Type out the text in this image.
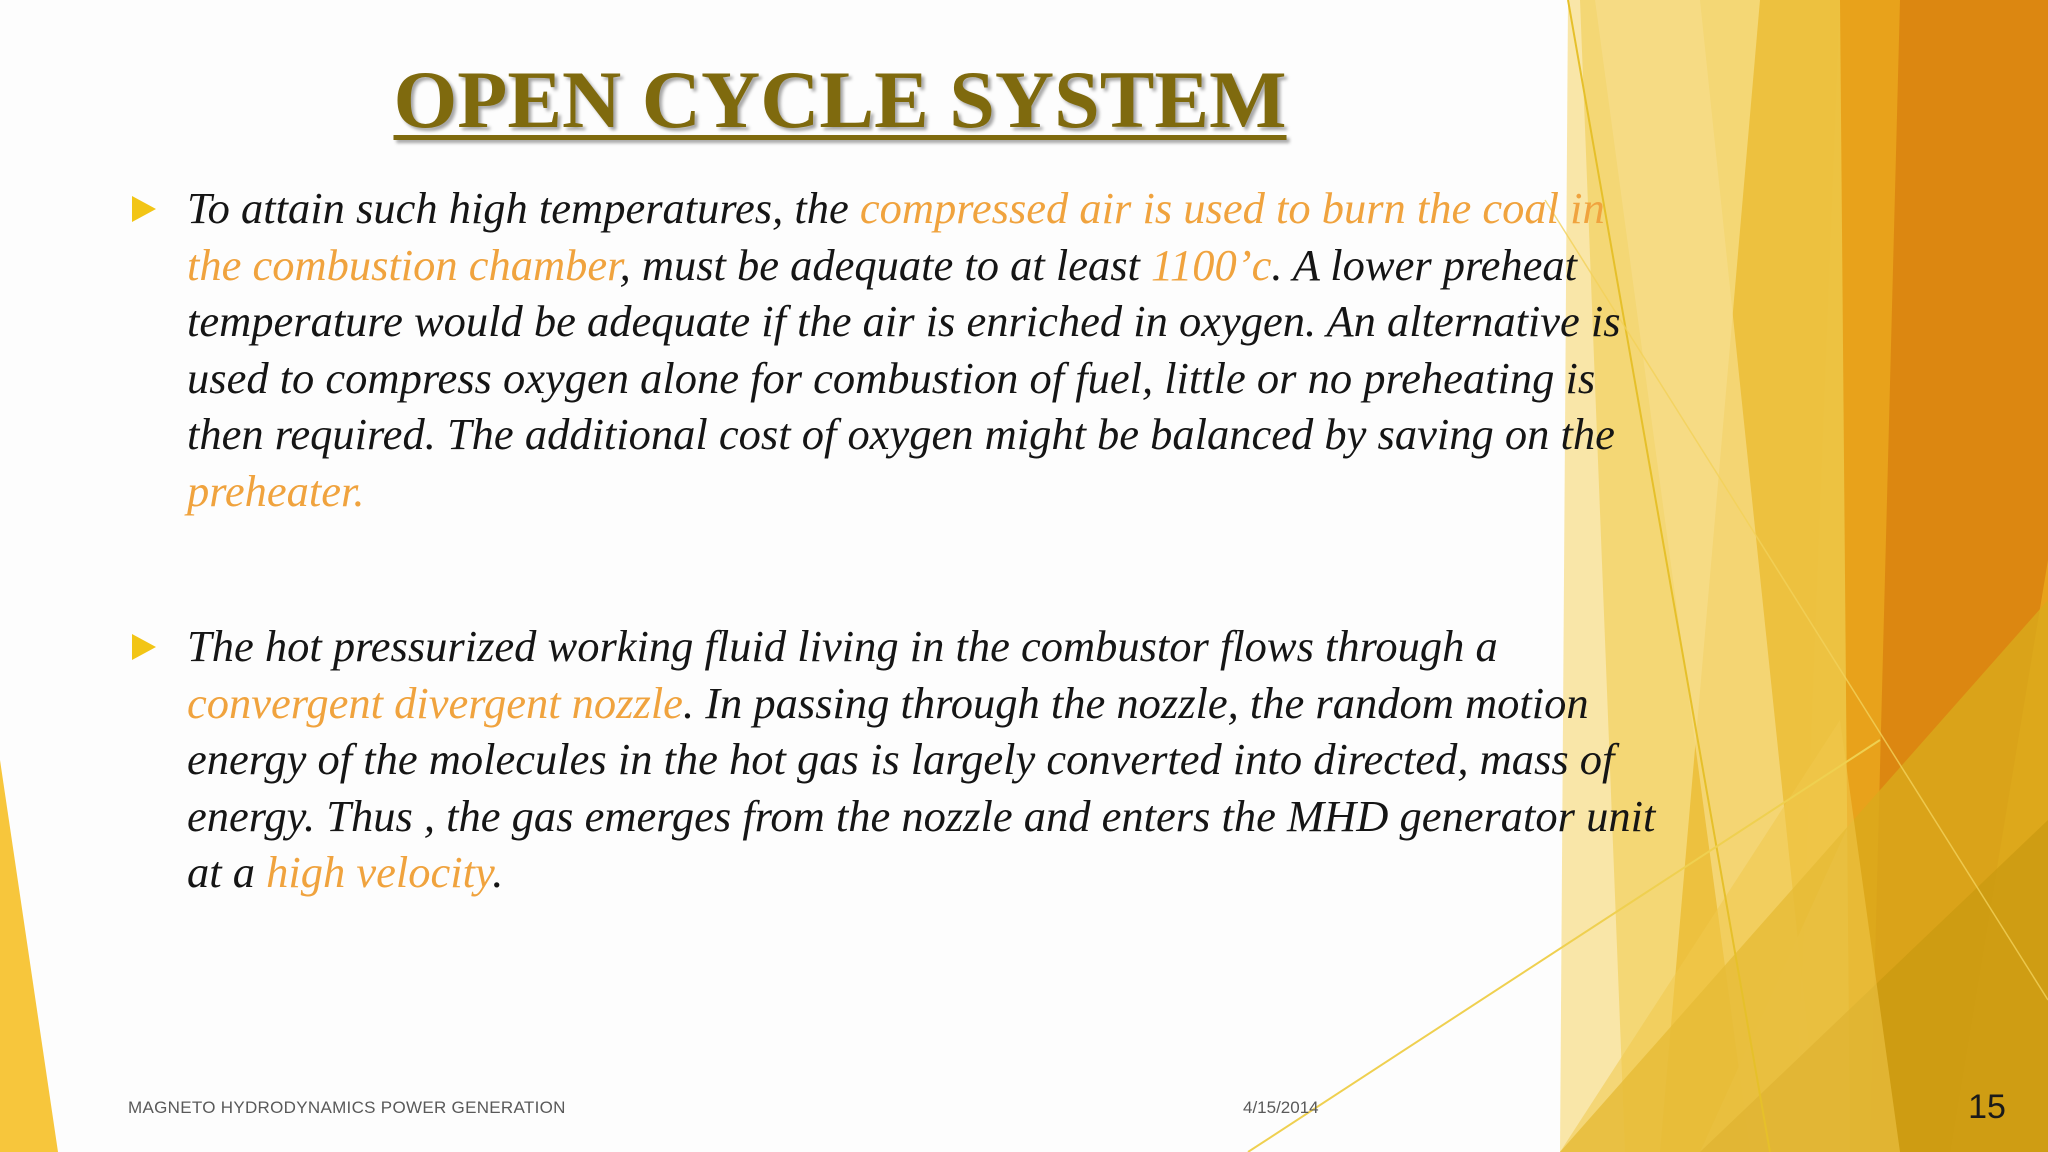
OPEN CYCLE SYSTEM
To attain such high temperatures, the compressed air is used to burn the coal in the combustion chamber, must be adequate to at least 1100’c. A lower preheat temperature would be adequate if the air is enriched in oxygen. An alternative is used to compress oxygen alone for combustion of fuel, little or no preheating is then required. The additional cost of oxygen might be balanced by saving on the preheater.
The hot pressurized working fluid living in the combustor flows through a convergent divergent nozzle. In passing through the nozzle, the random motion energy of the molecules in the hot gas is largely converted into directed, mass of energy. Thus , the gas emerges from the nozzle and enters the MHD generator unit at a high velocity.
MAGNETO HYDRODYNAMICS POWER GENERATION	4/15/2014	15
